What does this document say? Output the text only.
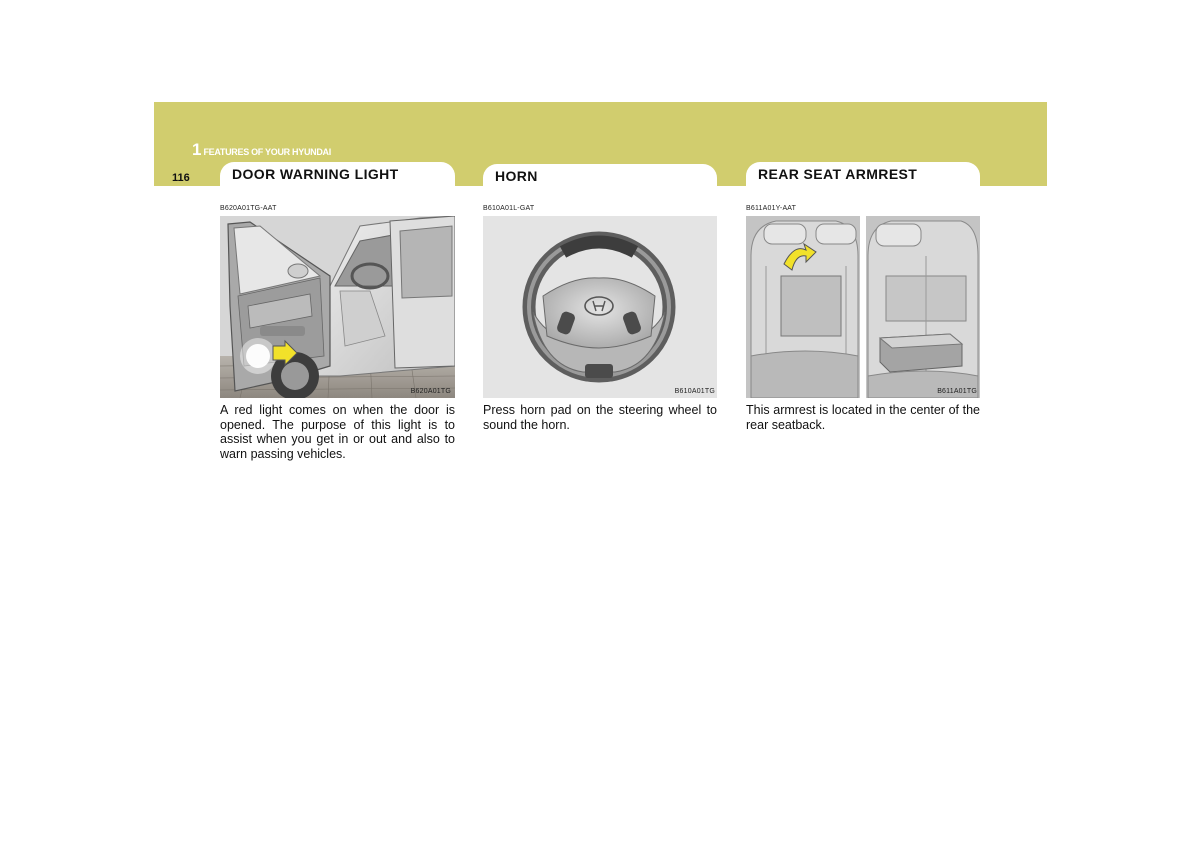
1 FEATURES OF YOUR HYUNDAI
116	DOOR WARNING LIGHT
B620A01TG-AAT
B620A01TG
A red light comes on when the door is opened. The purpose of this light is to assist when you get in or out and also to warn passing vehicles.
HORN
B610A01L-GAT
B610A01TG
Press horn pad on the steering wheel to sound the horn.
REAR SEAT ARMREST
B611A01Y-AAT
B611A01TG
This armrest is located in the center of the rear seatback.
